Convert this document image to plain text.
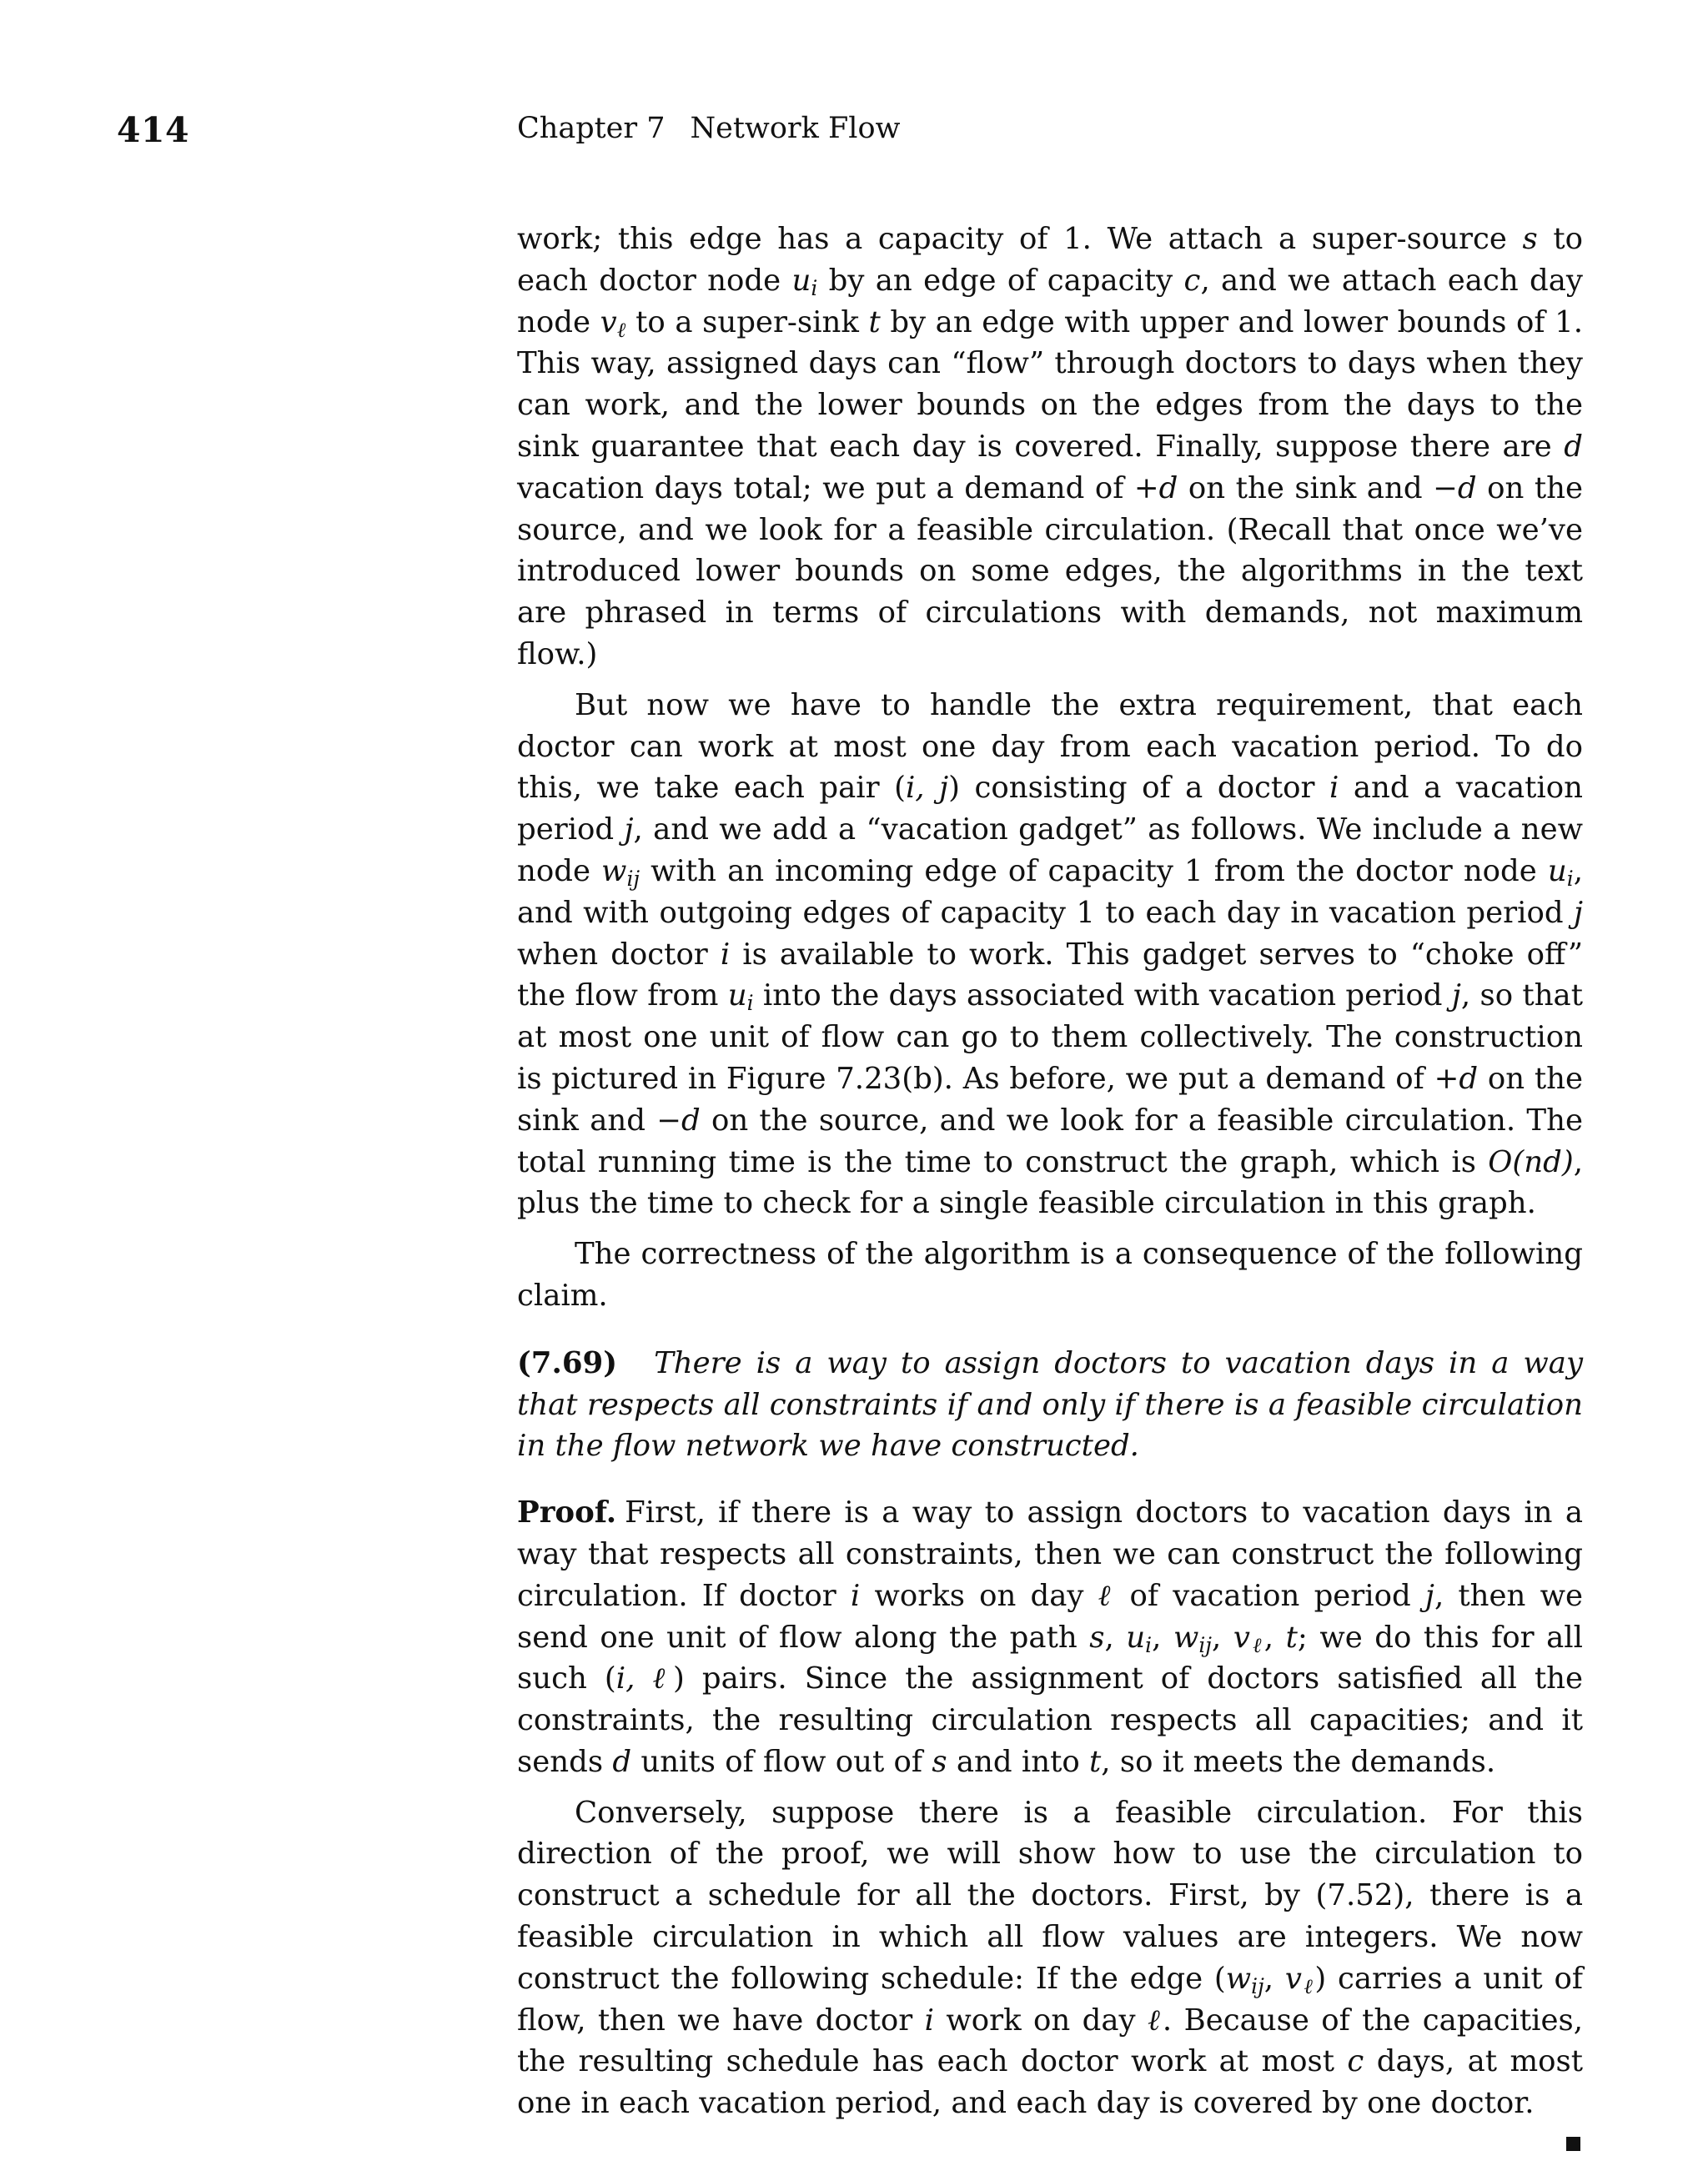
414	Chapter 7 Network Flow

work; this edge has a capacity of 1. We attach a super-source s to each doctor node $u_i$ by an edge of capacity c, and we attach each day node $v_\ell$ to a super-sink t by an edge with upper and lower bounds of 1. This way, assigned days can “flow” through doctors to days when they can work, and the lower bounds on the edges from the days to the sink guarantee that each day is covered. Finally, suppose there are d vacation days total; we put a demand of +d on the sink and −d on the source, and we look for a feasible circulation. (Recall that once we’ve introduced lower bounds on some edges, the algorithms in the text are phrased in terms of circulations with demands, not maximum flow.)

But now we have to handle the extra requirement, that each doctor can work at most one day from each vacation period. To do this, we take each pair (i, j) consisting of a doctor i and a vacation period j, and we add a “vacation gadget” as follows. We include a new node $w_{ij}$ with an incoming edge of capacity 1 from the doctor node $u_i$, and with outgoing edges of capacity 1 to each day in vacation period j when doctor i is available to work. This gadget serves to “choke off” the flow from $u_i$ into the days associated with vacation period j, so that at most one unit of flow can go to them collectively. The construction is pictured in Figure 7.23(b). As before, we put a demand of +d on the sink and −d on the source, and we look for a feasible circulation. The total running time is the time to construct the graph, which is O(nd), plus the time to check for a single feasible circulation in this graph.

The correctness of the algorithm is a consequence of the following claim.

(7.69) There is a way to assign doctors to vacation days in a way that respects all constraints if and only if there is a feasible circulation in the flow network we have constructed.

Proof. First, if there is a way to assign doctors to vacation days in a way that respects all constraints, then we can construct the following circulation. If doctor i works on day ℓ of vacation period j, then we send one unit of flow along the path s, $u_i$, $w_{ij}$, $v_\ell$, t; we do this for all such (i, ℓ) pairs. Since the assignment of doctors satisfied all the constraints, the resulting circulation respects all capacities; and it sends d units of flow out of s and into t, so it meets the demands.

Conversely, suppose there is a feasible circulation. For this direction of the proof, we will show how to use the circulation to construct a schedule for all the doctors. First, by (7.52), there is a feasible circulation in which all flow values are integers. We now construct the following schedule: If the edge ($w_{ij}$, $v_\ell$) carries a unit of flow, then we have doctor i work on day ℓ. Because of the capacities, the resulting schedule has each doctor work at most c days, at most one in each vacation period, and each day is covered by one doctor.
